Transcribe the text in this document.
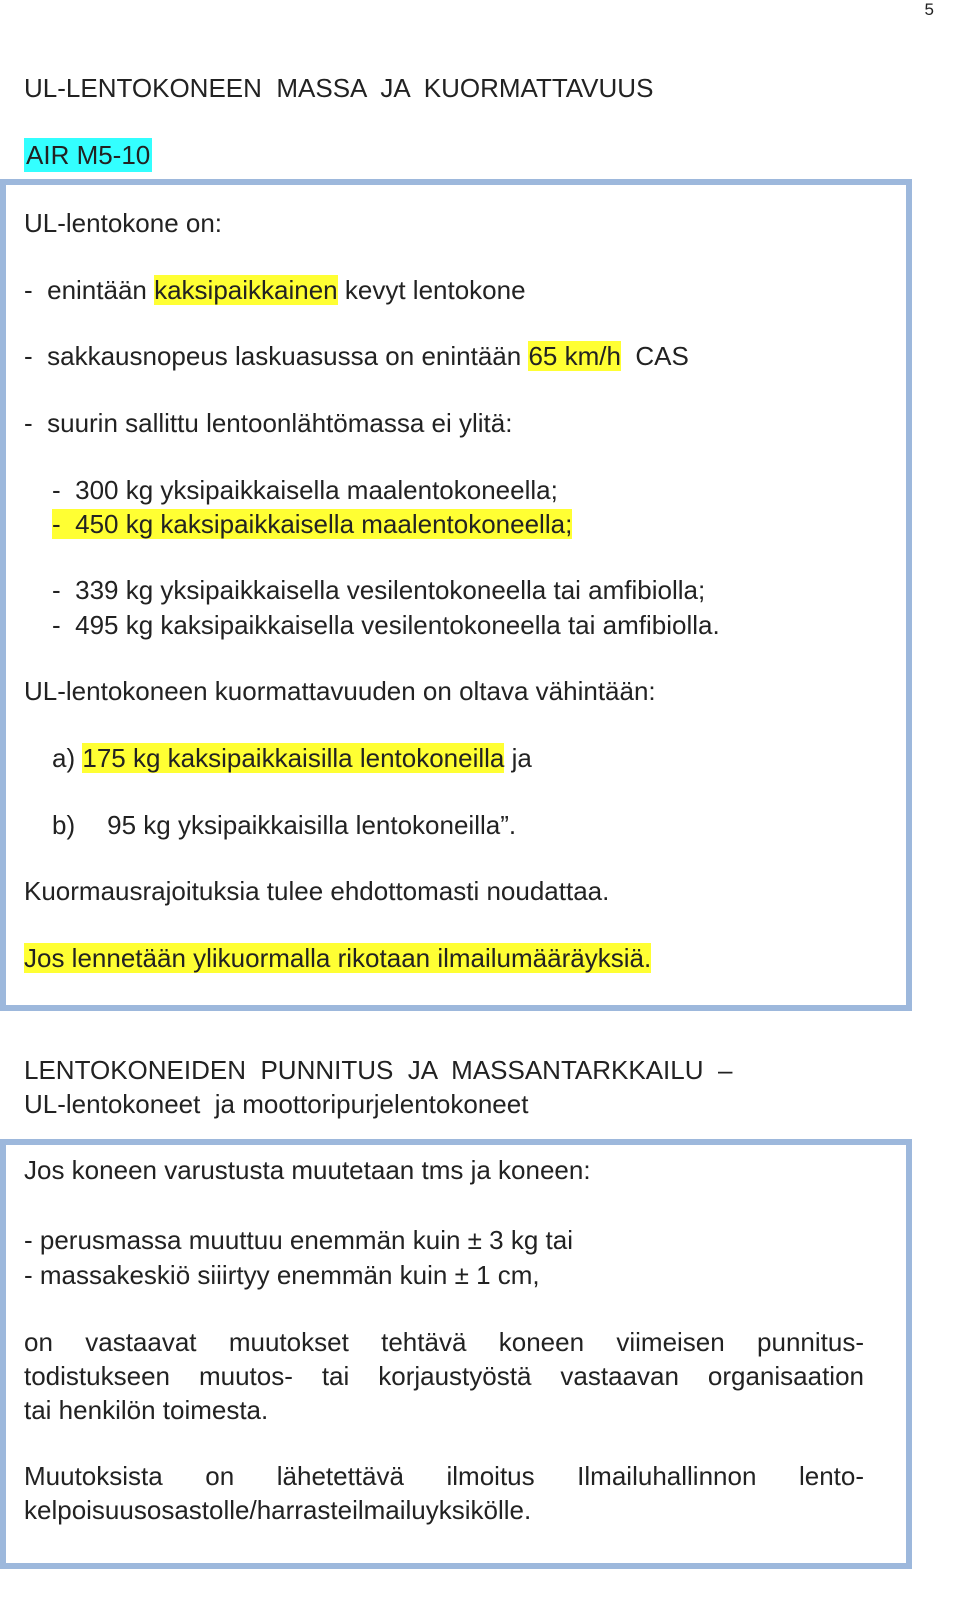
5
UL-LENTOKONEEN  MASSA  JA  KUORMATTAVUUS
AIR M5-10
UL-lentokone on:
-  enintään kaksipaikkainen kevyt lentokone
-  sakkausnopeus laskuasussa on enintään 65 km/h  CAS
-  suurin sallittu lentoonlähtömassa ei ylitä:
-  300 kg yksipaikkaisella maalentokoneella;
-  450 kg kaksipaikkaisella maalentokoneella;
-  339 kg yksipaikkaisella vesilentokoneella tai amfibiolla;
-  495 kg kaksipaikkaisella vesilentokoneella tai amfibiolla.
UL-lentokoneen kuormattavuuden on oltava vähintään:
a) 175 kg kaksipaikkaisilla lentokoneilla ja
b) 95 kg yksipaikkaisilla lentokoneilla”.
Kuormausrajoituksia tulee ehdottomasti noudattaa.
Jos lennetään ylikuormalla rikotaan ilmailumääräyksiä.
LENTOKONEIDEN  PUNNITUS  JA  MASSANTARKKAILU  –
UL-lentokoneet  ja moottoripurjelentokoneet
Jos koneen varustusta muutetaan tms ja koneen:
- perusmassa muuttuu enemmän kuin ± 3 kg tai
- massakeskiö siiirtyy enemmän kuin ± 1 cm,
on vastaavat muutokset tehtävä koneen viimeisen punnitus-
todistukseen muutos- tai korjaustyöstä vastaavan organisaation
tai henkilön toimesta.
Muutoksista on lähetettävä ilmoitus Ilmailuhallinnon lento-
kelpoisuusosastolle/harrasteilmailuyksikölle.
